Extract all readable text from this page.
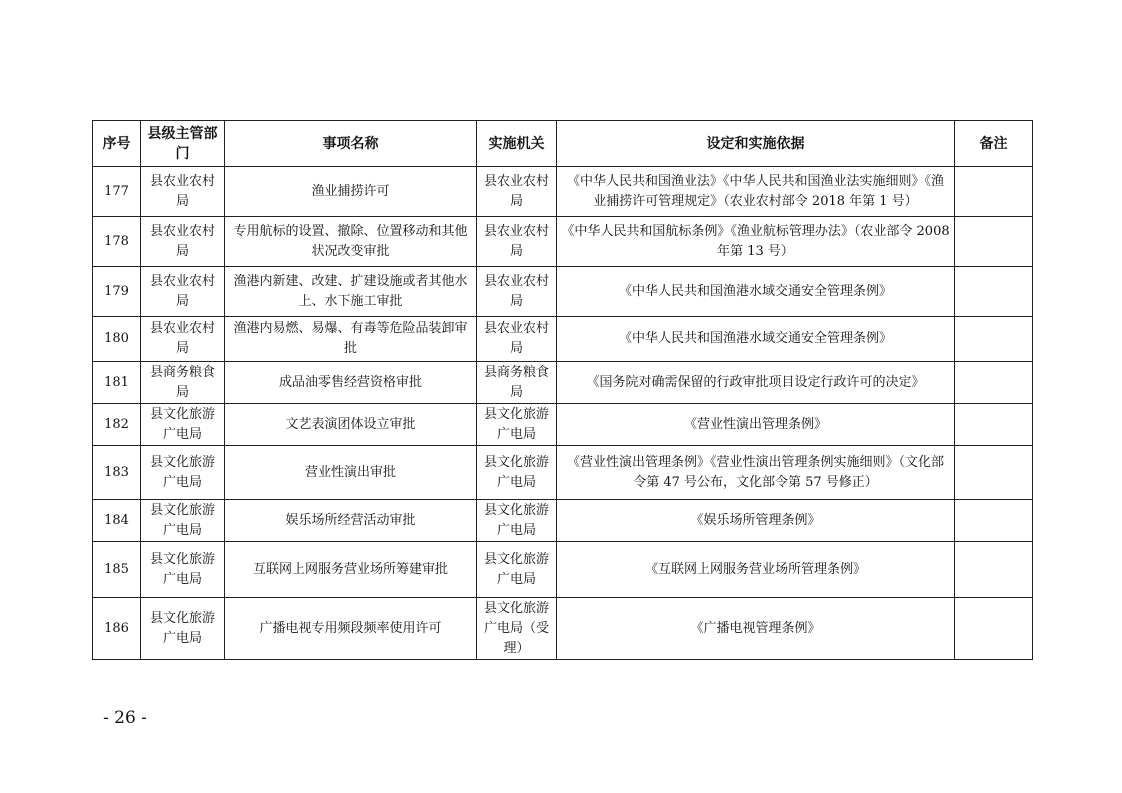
序号	县级主管部门	事项名称	实施机关	设定和实施依据	备注
177	县农业农村局	渔业捕捞许可	县农业农村局	《中华人民共和国渔业法》《中华人民共和国渔业法实施细则》《渔业捕捞许可管理规定》（农业农村部令 2018 年第 1 号）	
178	县农业农村局	专用航标的设置、撤除、位置移动和其他状况改变审批	县农业农村局	《中华人民共和国航标条例》《渔业航标管理办法》（农业部令 2008 年第 13 号）	
179	县农业农村局	渔港内新建、改建、扩建设施或者其他水上、水下施工审批	县农业农村局	《中华人民共和国渔港水域交通安全管理条例》	
180	县农业农村局	渔港内易燃、易爆、有毒等危险品装卸审批	县农业农村局	《中华人民共和国渔港水域交通安全管理条例》	
181	县商务粮食局	成品油零售经营资格审批	县商务粮食局	《国务院对确需保留的行政审批项目设定行政许可的决定》	
182	县文化旅游广电局	文艺表演团体设立审批	县文化旅游广电局	《营业性演出管理条例》	
183	县文化旅游广电局	营业性演出审批	县文化旅游广电局	《营业性演出管理条例》《营业性演出管理条例实施细则》（文化部令第 47 号公布，文化部令第 57 号修正）	
184	县文化旅游广电局	娱乐场所经营活动审批	县文化旅游广电局	《娱乐场所管理条例》	
185	县文化旅游广电局	互联网上网服务营业场所筹建审批	县文化旅游广电局	《互联网上网服务营业场所管理条例》	
186	县文化旅游广电局	广播电视专用频段频率使用许可	县文化旅游广电局（受理）	《广播电视管理条例》	
- 26 -
